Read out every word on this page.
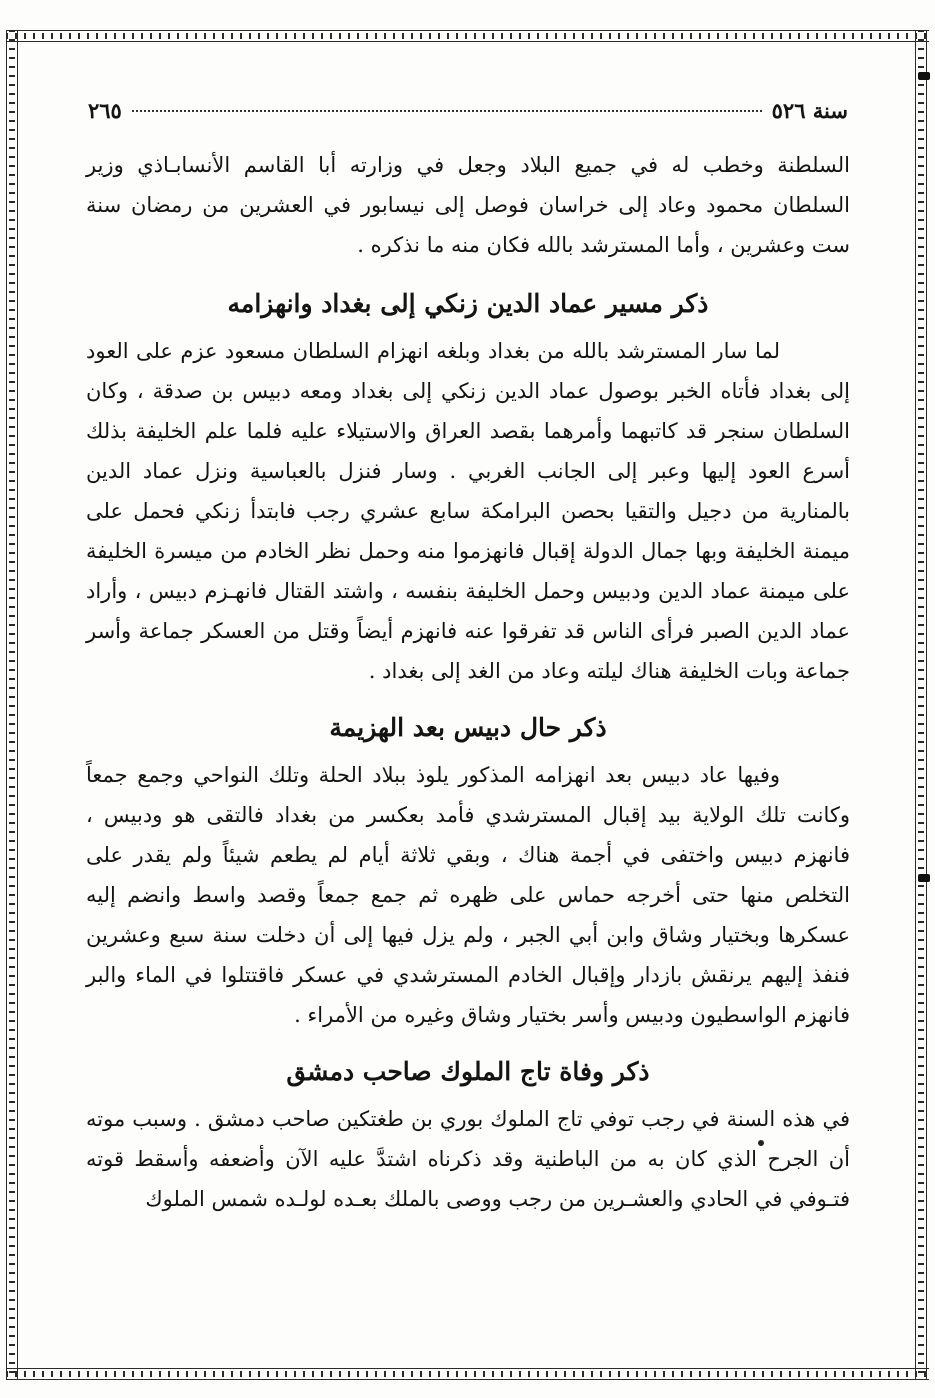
سنة ٥٢٦
٢٦٥

السلطنة وخطب له في جميع البلاد وجعل في وزارته أبا القاسم الأنسابـاذي وزير السلطان محمود وعاد إلى خراسان فوصل إلى نيسابور في العشرين من رمضان سنة ست وعشرين ، وأما المسترشد بالله فكان منه ما نذكره .

ذكر مسير عماد الدين زنكي إلى بغداد وانهزامه

لما سار المسترشد بالله من بغداد وبلغه انهزام السلطان مسعود عزم على العود إلى بغداد فأتاه الخبر بوصول عماد الدين زنكي إلى بغداد ومعه دبيس بن صدقة ، وكان السلطان سنجر قد كاتبهما وأمرهما بقصد العراق والاستيلاء عليه فلما علم الخليفة بذلك أسرع العود إليها وعبر إلى الجانب الغربي . وسار فنزل بالعباسية ونزل عماد الدين بالمنارية من دجيل والتقيا بحصن البرامكة سابع عشري رجب فابتدأ زنكي فحمل على ميمنة الخليفة وبها جمال الدولة إقبال فانهزموا منه وحمل نظر الخادم من ميسرة الخليفة على ميمنة عماد الدين ودبيس وحمل الخليفة بنفسه ، واشتد القتال فانهـزم دبيس ، وأراد عماد الدين الصبر فرأى الناس قد تفرقوا عنه فانهزم أيضاً وقتل من العسكر جماعة وأسر جماعة وبات الخليفة هناك ليلته وعاد من الغد إلى بغداد .

ذكر حال دبيس بعد الهزيمة

وفيها عاد دبيس بعد انهزامه المذكور يلوذ ببلاد الحلة وتلك النواحي وجمع جمعاً وكانت تلك الولاية بيد إقبال المسترشدي فأمد بعكسر من بغداد فالتقى هو ودبيس ، فانهزم دبيس واختفى في أجمة هناك ، وبقي ثلاثة أيام لم يطعم شيئاً ولم يقدر على التخلص منها حتى أخرجه حماس على ظهره ثم جمع جمعاً وقصد واسط وانضم إليه عسكرها وبختيار وشاق وابن أبي الجبر ، ولم يزل فيها إلى أن دخلت سنة سبع وعشرين فنفذ إليهم يرنقش بازدار وإقبال الخادم المسترشدي في عسكر فاقتتلوا في الماء والبر فانهزم الواسطيون ودبيس وأسر بختيار وشاق وغيره من الأمراء .

ذكر وفاة تاج الملوك صاحب دمشق

في هذه السنة في رجب توفي تاج الملوك بوري بن طغتكين صاحب دمشق . وسبب موته أن الجرح الذي كان به من الباطنية وقد ذكرناه اشتدَّ عليه الآن وأضعفه وأسقط قوته فتـوفي في الحادي والعشـرين من رجب ووصى بالملك بعـده لولـده شمس الملوك
